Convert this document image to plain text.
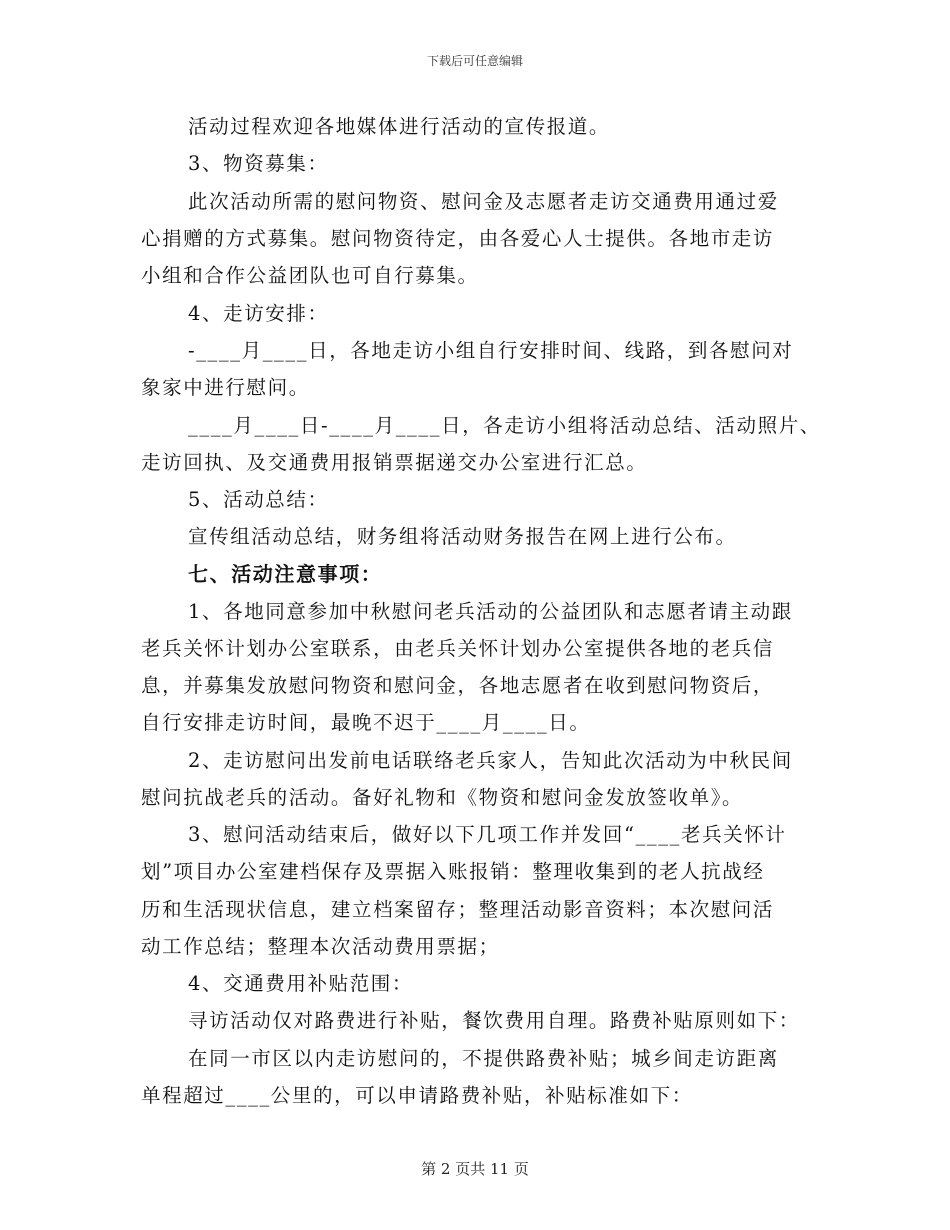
下载后可任意编辑
活动过程欢迎各地媒体进行活动的宣传报道。
3、物资募集：
此次活动所需的慰问物资、慰问金及志愿者走访交通费用通过爱
心捐赠的方式募集。慰问物资待定，由各爱心人士提供。各地市走访
小组和合作公益团队也可自行募集。
4、走访安排：
-____月____日，各地走访小组自行安排时间、线路，到各慰问对
象家中进行慰问。
____月____日-____月____日，各走访小组将活动总结、活动照片、
走访回执、及交通费用报销票据递交办公室进行汇总。
5、活动总结：
宣传组活动总结，财务组将活动财务报告在网上进行公布。
七、活动注意事项：
1、各地同意参加中秋慰问老兵活动的公益团队和志愿者请主动跟
老兵关怀计划办公室联系，由老兵关怀计划办公室提供各地的老兵信
息，并募集发放慰问物资和慰问金，各地志愿者在收到慰问物资后，
自行安排走访时间，最晚不迟于____月____日。
2、走访慰问出发前电话联络老兵家人，告知此次活动为中秋民间
慰问抗战老兵的活动。备好礼物和《物资和慰问金发放签收单》。
3、慰问活动结束后，做好以下几项工作并发回“____老兵关怀计
划”项目办公室建档保存及票据入账报销：整理收集到的老人抗战经
历和生活现状信息，建立档案留存；整理活动影音资料；本次慰问活
动工作总结；整理本次活动费用票据；
4、交通费用补贴范围：
寻访活动仅对路费进行补贴，餐饮费用自理。路费补贴原则如下：
在同一市区以内走访慰问的，不提供路费补贴；城乡间走访距离
单程超过____公里的，可以申请路费补贴，补贴标准如下：
第 2 页共 11 页
